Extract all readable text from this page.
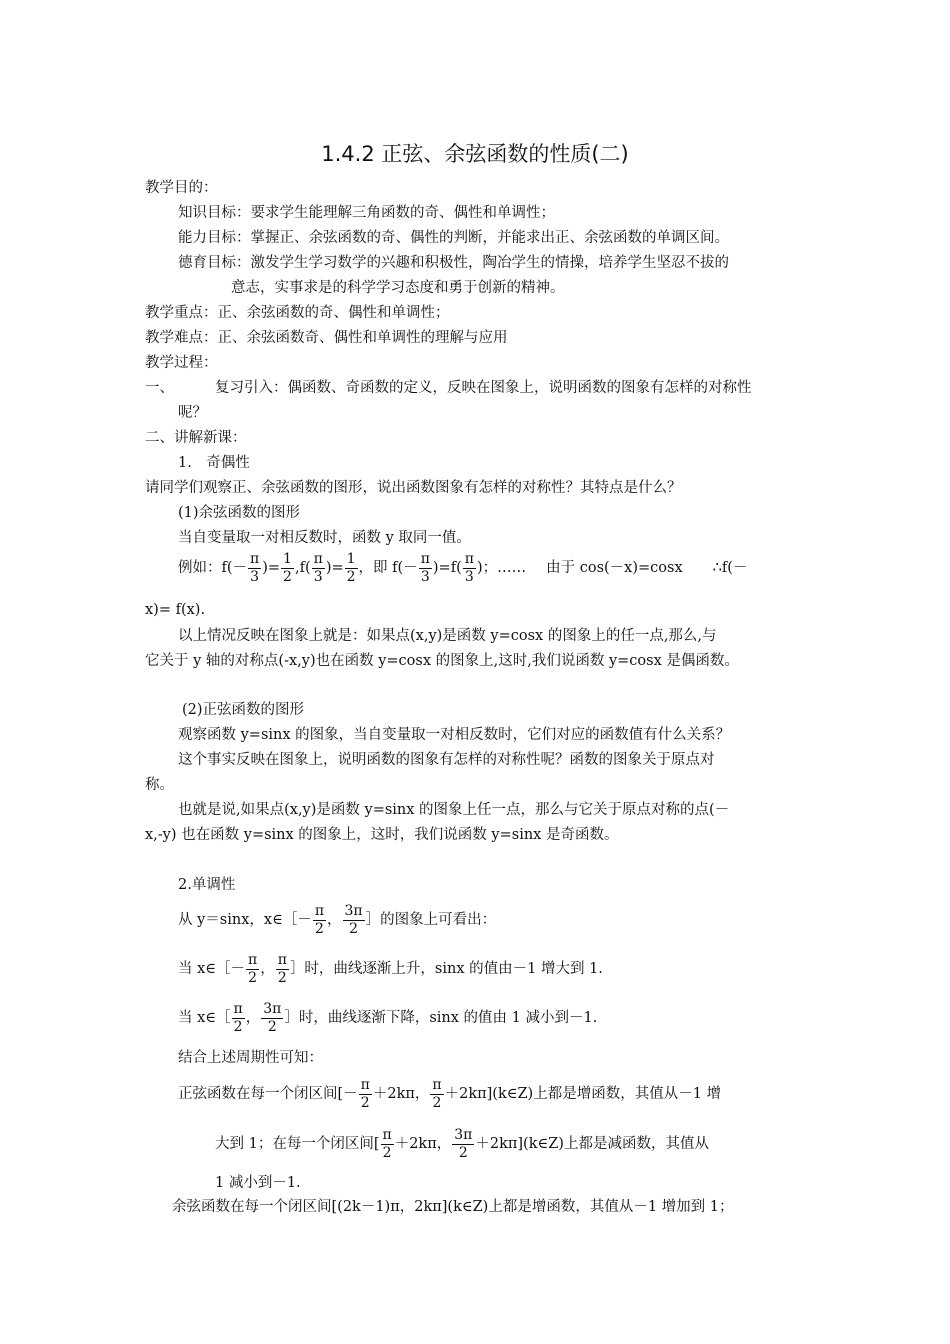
1.4.2 正弦、余弦函数的性质(二)
教学目的：
知识目标：要求学生能理解三角函数的奇、偶性和单调性；
能力目标：掌握正、余弦函数的奇、偶性的判断，并能求出正、余弦函数的单调区间。
德育目标：激发学生学习数学的兴趣和积极性，陶冶学生的情操，培养学生坚忍不拔的
意志，实事求是的科学学习态度和勇于创新的精神。
教学重点：正、余弦函数的奇、偶性和单调性；
教学难点：正、余弦函数奇、偶性和单调性的理解与应用
教学过程：
一、	复习引入：偶函数、奇函数的定义，反映在图象上，说明函数的图象有怎样的对称性
呢？
二、讲解新课：
1.　奇偶性
请同学们观察正、余弦函数的图形，说出函数图象有怎样的对称性？其特点是什么？
(1)余弦函数的图形
当自变量取一对相反数时，函数 y 取同一值。
例如：$f(- \frac{\pi}{3}$ )= $\frac{1}{2} ,f( \frac{\pi}{3}$ )= $\frac{1}{2}$ ，即 $f(- \frac{\pi}{3} )=f( \frac{\pi}{3}$ )；…… 由于 cos(－x)=cosx ∴f(－
x)= f(x).
以上情况反映在图象上就是：如果点(x,y)是函数 y=cosx 的图象上的任一点,那么,与
它关于 y 轴的对称点(-x,y)也在函数 y=cosx 的图象上,这时,我们说函数 y=cosx 是偶函数。
(2)正弦函数的图形
观察函数 y=sinx 的图象，当自变量取一对相反数时，它们对应的函数值有什么关系？
这个事实反映在图象上，说明函数的图象有怎样的对称性呢？函数的图象关于原点对
称。
也就是说,如果点(x,y)是函数 y=sinx 的图象上任一点，那么与它关于原点对称的点(－
x,-y) 也在函数 y=sinx 的图象上，这时，我们说函数 y=sinx 是奇函数。
2.单调性
从 y＝sinx，x∈［－ $\frac{\pi}{2}$ ， $\frac{3\pi}{2}$ ］的图象上可看出：
当 x∈［－ $\frac{\pi}{2}$ ， $\frac{\pi}{2}$ ］时，曲线逐渐上升，sinx 的值由－1 增大到 1.
当 x∈［ $\frac{\pi}{2}$ ， $\frac{3\pi}{2}$ ］时，曲线逐渐下降，sinx 的值由 1 减小到－1.
结合上述周期性可知：
正弦函数在每一个闭区间[－ $\frac{\pi}{2} +2k\pi$， $\frac{\pi}{2}$ ＋2kπ](k∈Z)上都是增函数，其值从－1 增
大到 1；在每一个闭区间[ $\frac{\pi}{2} +2k\pi$， $\frac{3\pi}{2}$ ＋2kπ](k∈Z)上都是减函数，其值从
1 减小到－1.
余弦函数在每一个闭区间[(2k－1)π，2kπ](k∈Z)上都是增函数，其值从－1 增加到 1；
